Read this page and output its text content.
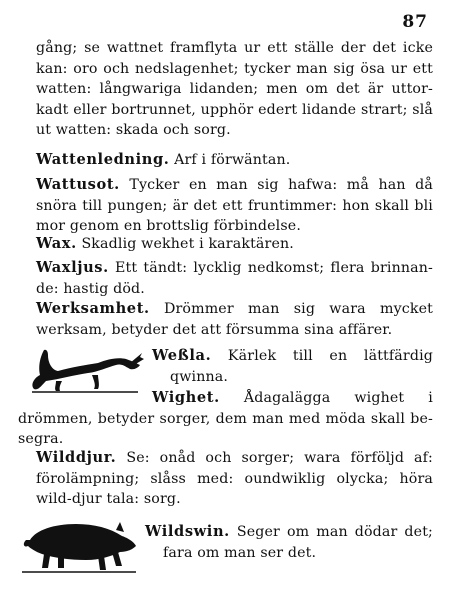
87

gång; se wattnet framflyta ur ett ställe der det icke kan: oro och nedslagenhet; tycker man sig ösa ur ett watten: långwariga lidanden; men om det är uttor-kadt eller bortrunnet, upphör edert lidande strart; slå ut watten: skada och sorg.

Wattenledning. Arf i förwäntan.

Wattusot. Tycker en man sig hafwa: må han då snöra till pungen; är det ett fruntimmer: hon skall bli mor genom en brottslig förbindelse.

Wax. Skadlig wekhet i karaktären.

Waxljus. Ett tändt: lycklig nedkomst; flera brinnan-de: hastig död.

Werksamhet. Drömmer man sig wara mycket werksam, betyder det att försumma sina affärer.

Weßla. Kärlek till en lättfärdig qwinna.

Wighet. Ådagalägga wighet i drömmen, betyder sorger, dem man med möda skall be-segra.

Wilddjur. Se: onåd och sorger; wara förföljd af: förolämpning; slåss med: oundwiklig olycka; höra wild-djur tala: sorg.

Wildswin. Seger om man dödar det; fara om man ser det.
